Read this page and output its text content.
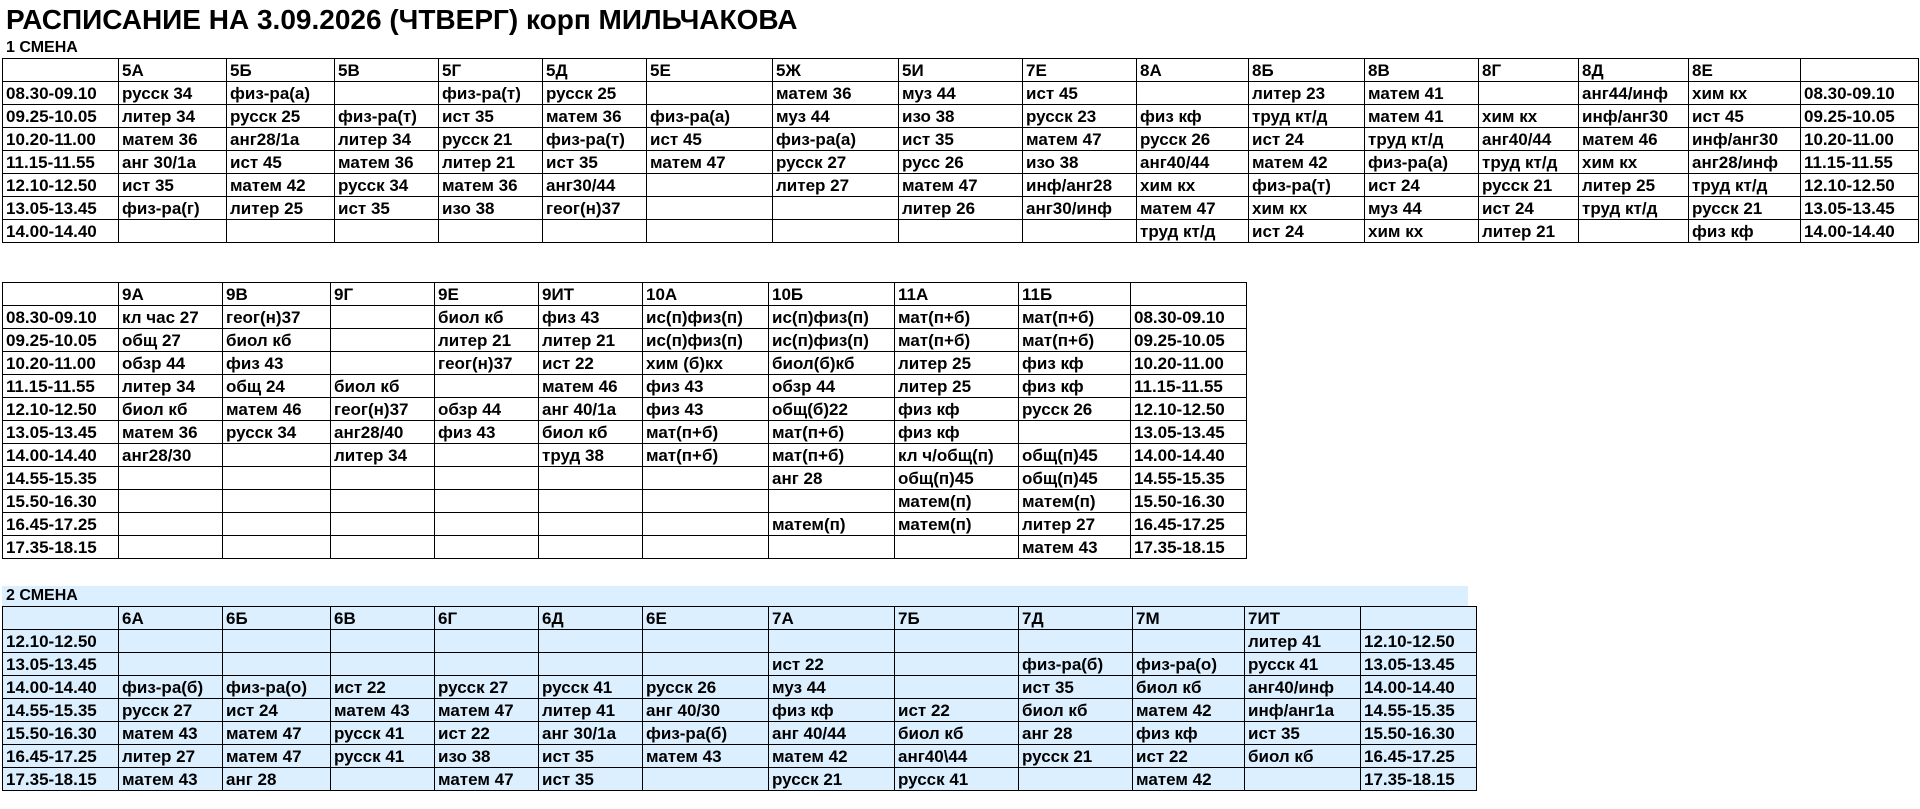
РАСПИСАНИЕ НА 3.09.2026 (ЧТВЕРГ) корп МИЛЬЧАКОВА
1 СМЕНА
	5А	5Б	5В	5Г	5Д	5Е	5Ж	5И	7Е	8А	8Б	8В	8Г	8Д	8Е	
08.30-09.10	русск 34	физ-ра(а)		физ-ра(т)	русск 25		матем 36	муз 44	ист 45		литер 23	матем 41		анг44/инф	хим кх	08.30-09.10
09.25-10.05	литер 34	русск 25	физ-ра(т)	ист 35	матем 36	физ-ра(а)	муз 44	изо 38	русск 23	физ кф	труд кт/д	матем 41	хим кх	инф/анг30	ист 45	09.25-10.05
10.20-11.00	матем 36	анг28/1а	литер 34	русск 21	физ-ра(т)	ист 45	физ-ра(а)	ист 35	матем 47	русск 26	ист 24	труд кт/д	анг40/44	матем 46	инф/анг30	10.20-11.00
11.15-11.55	анг 30/1а	ист 45	матем 36	литер 21	ист 35	матем 47	русск 27	русс 26	изо 38	анг40/44	матем 42	физ-ра(а)	труд кт/д	хим кх	анг28/инф	11.15-11.55
12.10-12.50	ист 35	матем 42	русск 34	матем 36	анг30/44		литер 27	матем 47	инф/анг28	хим кх	физ-ра(т)	ист 24	русск 21	литер 25	труд кт/д	12.10-12.50
13.05-13.45	физ-ра(г)	литер 25	ист 35	изо 38	геог(н)37			литер 26	анг30/инф	матем 47	хим кх	муз 44	ист 24	труд кт/д	русск 21	13.05-13.45
14.00-14.40										труд кт/д	ист 24	хим кх	литер 21		физ кф	14.00-14.40
	9А	9В	9Г	9Е	9ИТ	10А	10Б	11А	11Б	
08.30-09.10	кл час 27	геог(н)37		биол кб	физ 43	ис(п)физ(п)	ис(п)физ(п)	мат(п+б)	мат(п+б)	08.30-09.10
09.25-10.05	общ 27	биол кб		литер 21	литер 21	ис(п)физ(п)	ис(п)физ(п)	мат(п+б)	мат(п+б)	09.25-10.05
10.20-11.00	обзр 44	физ 43		геог(н)37	ист 22	хим (б)кх	биол(б)кб	литер 25	физ кф	10.20-11.00
11.15-11.55	литер 34	общ 24	биол кб		матем 46	физ 43	обзр 44	литер 25	физ кф	11.15-11.55
12.10-12.50	биол кб	матем 46	геог(н)37	обзр 44	анг 40/1а	физ 43	общ(б)22	физ кф	русск 26	12.10-12.50
13.05-13.45	матем 36	русск 34	анг28/40	физ 43	биол кб	мат(п+б)	мат(п+б)	физ кф		13.05-13.45
14.00-14.40	анг28/30		литер 34		труд 38	мат(п+б)	мат(п+б)	кл ч/общ(п)	общ(п)45	14.00-14.40
14.55-15.35							анг 28	общ(п)45	общ(п)45	14.55-15.35
15.50-16.30								матем(п)	матем(п)	15.50-16.30
16.45-17.25							матем(п)	матем(п)	литер 27	16.45-17.25
17.35-18.15									матем 43	17.35-18.15
2 СМЕНА
	6А	6Б	6В	6Г	6Д	6Е	7А	7Б	7Д	7М	7ИТ	
12.10-12.50											литер 41	12.10-12.50
13.05-13.45							ист 22		физ-ра(б)	физ-ра(о)	русск 41	13.05-13.45
14.00-14.40	физ-ра(б)	физ-ра(о)	ист 22	русск 27	русск 41	русск 26	муз 44		ист 35	биол кб	анг40/инф	14.00-14.40
14.55-15.35	русск 27	ист 24	матем 43	матем 47	литер 41	анг 40/30	физ кф	ист 22	биол кб	матем 42	инф/анг1а	14.55-15.35
15.50-16.30	матем 43	матем 47	русск 41	ист 22	анг 30/1а	физ-ра(б)	анг 40/44	биол кб	анг 28	физ кф	ист 35	15.50-16.30
16.45-17.25	литер 27	матем 47	русск 41	изо 38	ист 35	матем 43	матем 42	анг40\44	русск 21	ист 22	биол кб	16.45-17.25
17.35-18.15	матем 43	анг 28		матем 47	ист 35		русск 21	русск 41		матем 42		17.35-18.15
